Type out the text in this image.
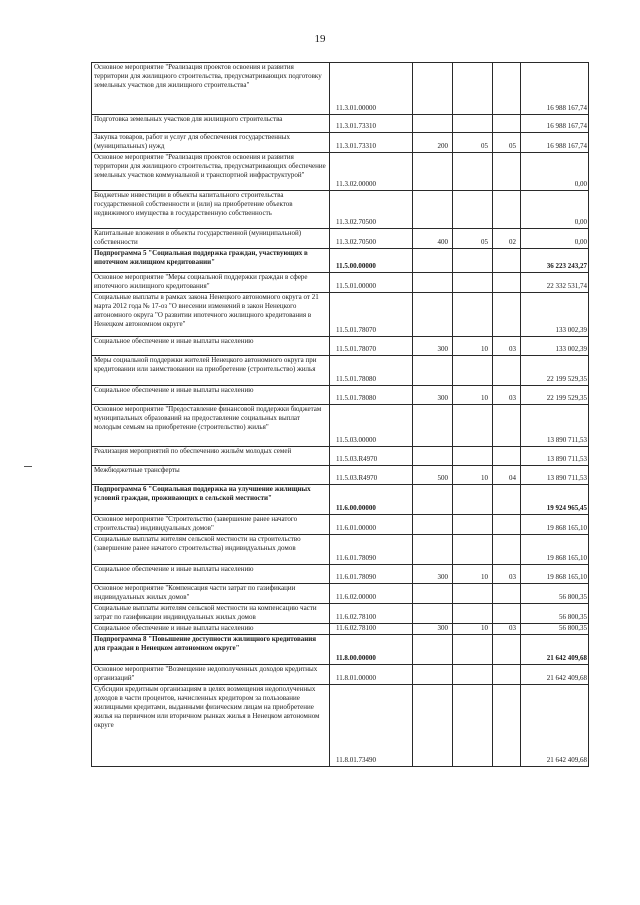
19
Основное мероприятие "Реализация проектов освоения и развития территории для жилищного строительства, предусматривающих подготовку земельных участков для жилищного строительства"	11.3.01.00000				16 988 167,74
Подготовка земельных участков для жилищного строительства	11.3.01.73310				16 988 167,74
Закупка товаров, работ и услуг для обеспечения государственных (муниципальных) нужд	11.3.01.73310	200	05	05	16 988 167,74
Основное мероприятие "Реализация проектов освоения и развития территории для жилищного строительства, предусматривающих обеспечение земельных участков коммунальной и транспортной инфраструктурой"	11.3.02.00000				0,00
Бюджетные инвестиции в объекты капитального строительства государственной собственности и (или) на приобретение объектов недвижимого имущества в государственную собственность	11.3.02.70500				0,00
Капитальные вложения в объекты государственной (муниципальной) собственности	11.3.02.70500	400	05	02	0,00
Подпрограмма 5 "Социальная поддержка граждан, участвующих в ипотечном жилищном кредитовании"	11.5.00.00000				36 223 243,27
Основное мероприятие "Меры социальной поддержки граждан в сфере ипотечного жилищного кредитования"	11.5.01.00000				22 332 531,74
Социальные выплаты в рамках закона Ненецкого автономного округа от 21 марта 2012 года № 17-оз "О внесении изменений в закон Ненецкого автономного округа "О развитии ипотечного жилищного кредитования в Ненецком автономном округе"	11.5.01.78070				133 002,39
Социальное обеспечение и иные выплаты населению	11.5.01.78070	300	10	03	133 002,39
Меры социальной поддержки жителей Ненецкого автономного округа при кредитовании или заимствовании на приобретение (строительство) жилья	11.5.01.78080				22 199 529,35
Социальное обеспечение и иные выплаты населению	11.5.01.78080	300	10	03	22 199 529,35
Основное мероприятие "Предоставление финансовой поддержки бюджетам муниципальных образований на предоставление социальных выплат молодым семьям на приобретение (строительство) жилья"	11.5.03.00000				13 890 711,53
Реализация мероприятий по обеспечению жильём молодых семей	11.5.03.R4970				13 890 711,53
Межбюджетные трансферты	11.5.03.R4970	500	10	04	13 890 711,53
Подпрограмма 6 "Социальная поддержка на улучшение жилищных условий граждан, проживающих в сельской местности"	11.6.00.00000				19 924 965,45
Основное мероприятие "Строительство (завершение ранее начатого строительства) индивидуальных домов"	11.6.01.00000				19 868 165,10
Социальные выплаты жителям сельской местности на строительство (завершение ранее начатого строительства) индивидуальных домов	11.6.01.78090				19 868 165,10
Социальное обеспечение и иные выплаты населению	11.6.01.78090	300	10	03	19 868 165,10
Основное мероприятие "Компенсация части затрат по газификации индивидуальных жилых домов"	11.6.02.00000				56 800,35
Социальные выплаты жителям сельской местности на компенсацию части затрат по газификации индивидуальных жилых домов	11.6.02.78100				56 800,35
Социальное обеспечение и иные выплаты населению	11.6.02.78100	300	10	03	56 800,35
Подпрограмма 8 "Повышение доступности жилищного кредитования для граждан в Ненецком автономном округе"	11.8.00.00000				21 642 409,68
Основное мероприятие "Возмещение недополученных доходов кредитных организаций"	11.8.01.00000				21 642 409,68
Субсидии кредитным организациям в целях возмещения недополученных доходов в части процентов, начисленных кредитором за пользование жилищными кредитами, выданными физическим лицам на приобретение жилья на первичном или вторичном рынках жилья в Ненецком автономном округе	11.8.01.73490				21 642 409,68
